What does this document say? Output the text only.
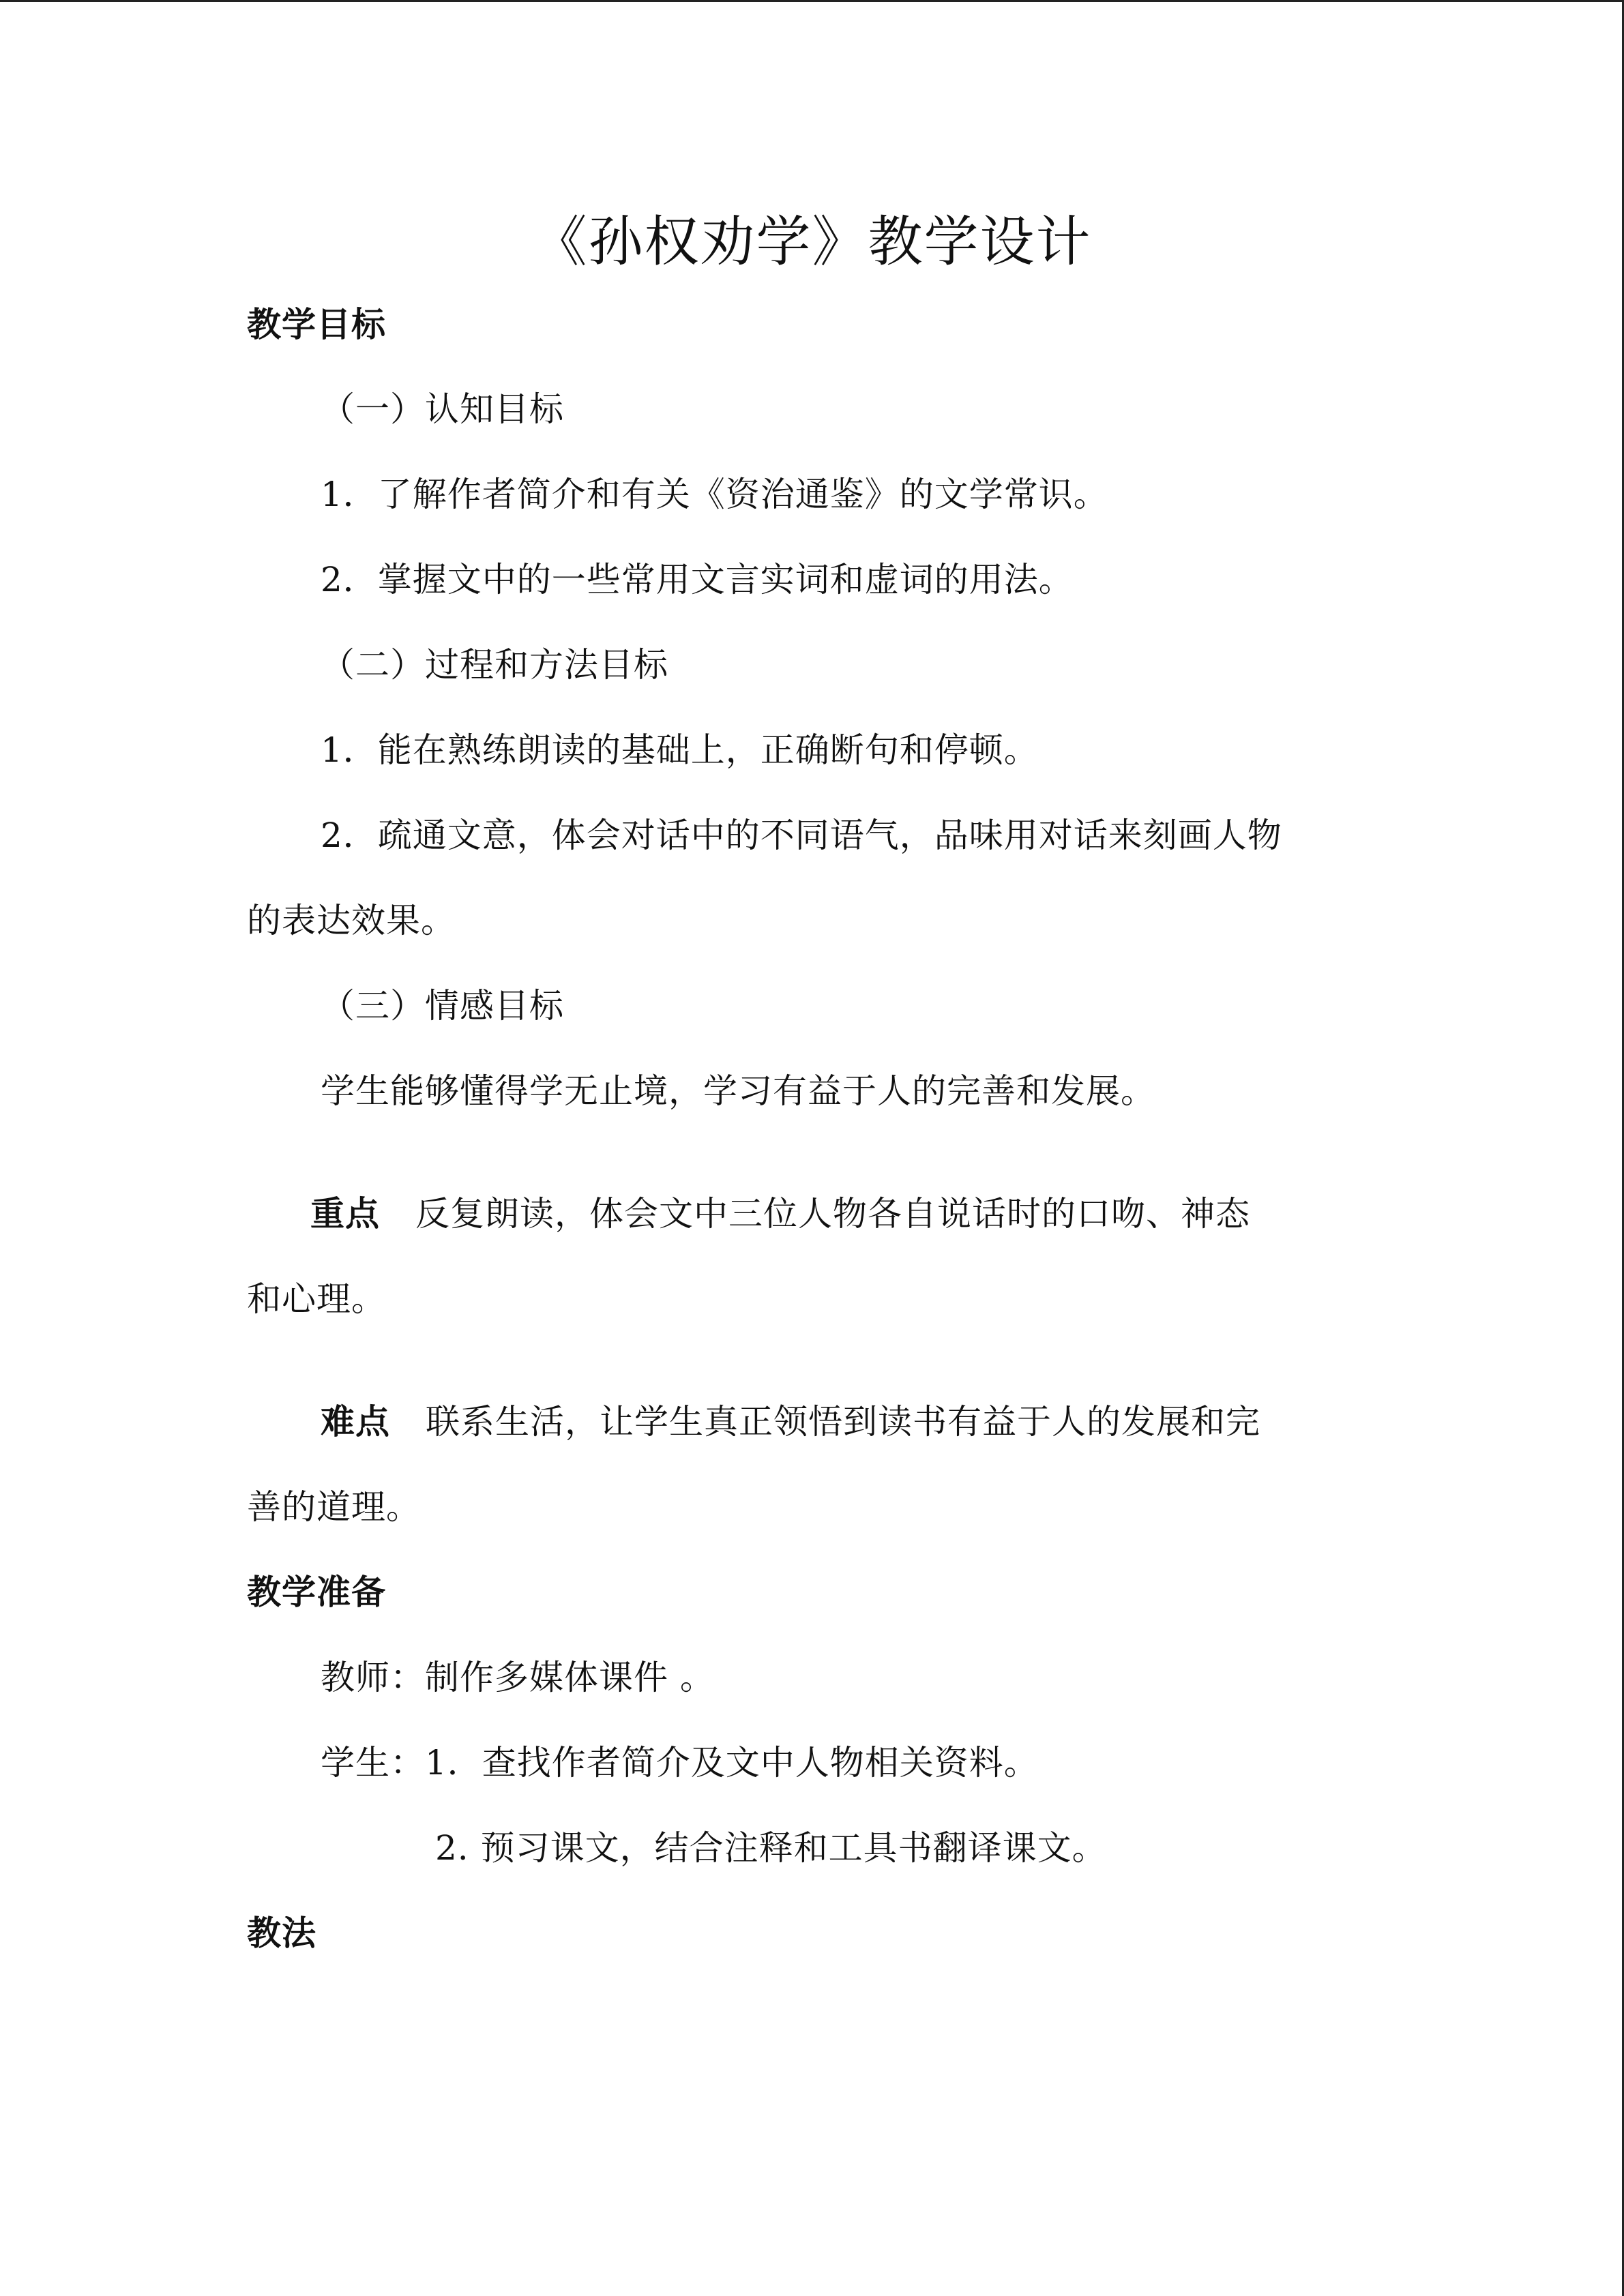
《孙权劝学》教学设计
教学目标
（一）认知目标
1．了解作者简介和有关《资治通鉴》的文学常识。
2．掌握文中的一些常用文言实词和虚词的用法。
（二）过程和方法目标
1．能在熟练朗读的基础上，正确断句和停顿。
2．疏通文意，体会对话中的不同语气，品味用对话来刻画人物
的表达效果。
（三）情感目标
学生能够懂得学无止境，学习有益于人的完善和发展。
重点 反复朗读，体会文中三位人物各自说话时的口吻、神态
和心理。
难点 联系生活，让学生真正领悟到读书有益于人的发展和完
善的道理。
教学准备
教师：制作多媒体课件 。
学生：1．查找作者简介及文中人物相关资料。
2. 预习课文，结合注释和工具书翻译课文。
教法
